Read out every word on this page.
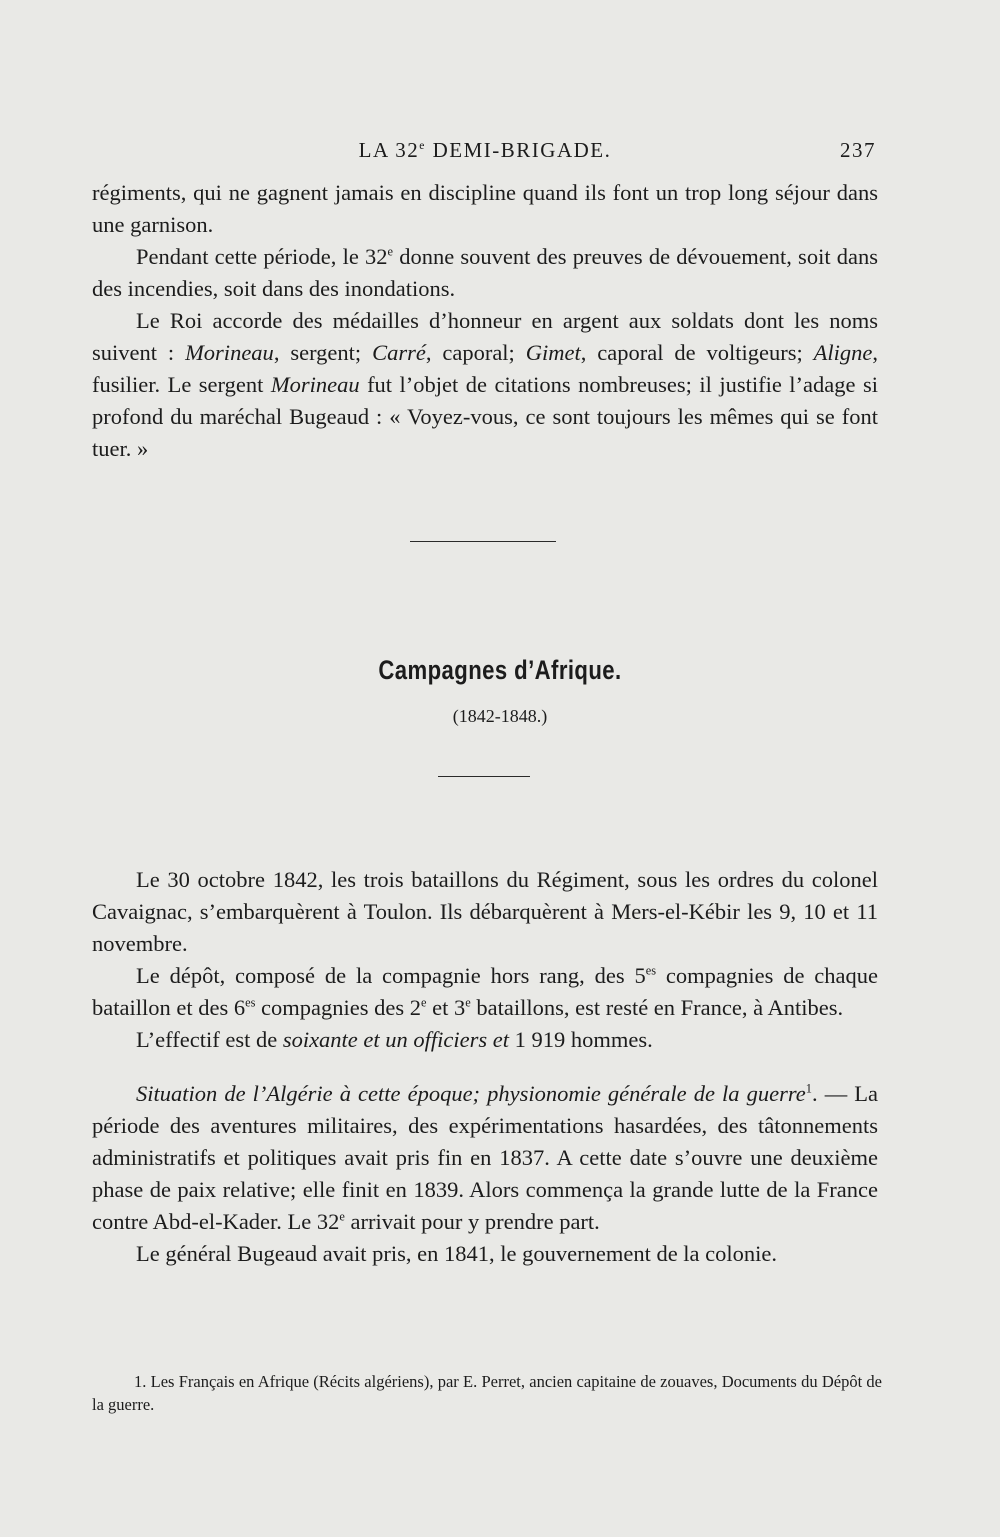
LA 32e DEMI-BRIGADE.	237

régiments, qui ne gagnent jamais en discipline quand ils font un trop long séjour dans une garnison.

Pendant cette période, le 32e donne souvent des preuves de dévouement, soit dans des incendies, soit dans des inondations.

Le Roi accorde des médailles d’honneur en argent aux soldats dont les noms suivent : Morineau, sergent; Carré, caporal; Gimet, caporal de voltigeurs; Aligne, fusilier. Le sergent Morineau fut l’objet de citations nombreuses; il justifie l’adage si profond du maréchal Bugeaud : « Voyez-vous, ce sont toujours les mêmes qui se font tuer. »

Campagnes d’Afrique.
(1842-1848.)

Le 30 octobre 1842, les trois bataillons du Régiment, sous les ordres du colonel Cavaignac, s’embarquèrent à Toulon. Ils débarquèrent à Mers-el-Kébir les 9, 10 et 11 novembre.

Le dépôt, composé de la compagnie hors rang, des $5^{es}$ compagnies de chaque bataillon et des $6^{es}$ compagnies des 2e et 3e bataillons, est resté en France, à Antibes.

L’effectif est de soixante et un officiers et 1 919 hommes.

Situation de l’Algérie à cette époque; physionomie générale de la guerre$^1$. — La période des aventures militaires, des expérimentations hasardées, des tâtonnements administratifs et politiques avait pris fin en 1837. A cette date s’ouvre une deuxième phase de paix relative; elle finit en 1839. Alors commença la grande lutte de la France contre Abd-el-Kader. Le 32e arrivait pour y prendre part.

Le général Bugeaud avait pris, en 1841, le gouvernement de la colonie.

1. Les Français en Afrique (Récits algériens), par E. Perret, ancien capitaine de zouaves, Documents du Dépôt de la guerre.
